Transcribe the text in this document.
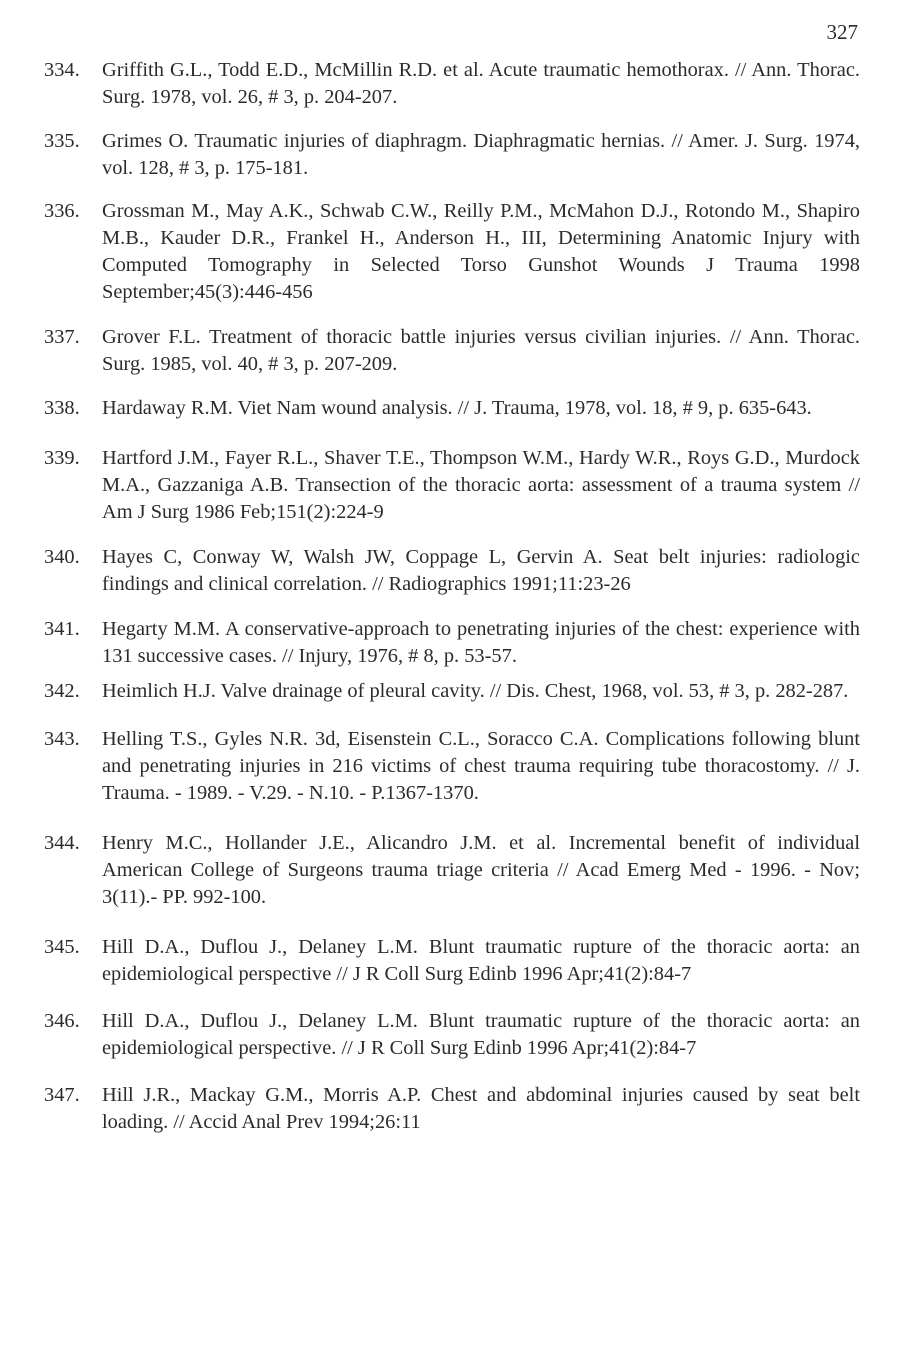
327
334.	Griffith G.L., Todd E.D., McMillin R.D. et al. Acute traumatic hemothorax. // Ann. Thorac. Surg. 1978, vol. 26, # 3, p. 204-207.
335.	Grimes O. Traumatic injuries of diaphragm. Diaphragmatic hernias. // Amer. J. Surg. 1974, vol. 128, # 3, p. 175-181.
336.	Grossman M., May A.K., Schwab C.W., Reilly P.M., McMahon D.J., Rotondo M., Shapiro M.B., Kauder D.R., Frankel H., Anderson H., III, Determining Anatomic Injury with Computed Tomography in Selected Torso Gunshot Wounds J Trauma 1998 September;45(3):446-456
337.	Grover F.L. Treatment of thoracic battle injuries versus civilian injuries. // Ann. Thorac. Surg. 1985, vol. 40, # 3, p. 207-209.
338.	Hardaway R.M. Viet Nam wound analysis. // J. Trauma, 1978, vol. 18, # 9, p. 635-643.
339.	Hartford J.M., Fayer R.L., Shaver T.E., Thompson W.M., Hardy W.R., Roys G.D., Murdock M.A., Gazzaniga A.B. Transection of the thoracic aorta: assessment of a trauma system // Am J Surg 1986 Feb;151(2):224-9
340.	Hayes C, Conway W, Walsh JW, Coppage L, Gervin A. Seat belt injuries: radiologic findings and clinical correlation. // Radiographics 1991;11:23-26
341.	Hegarty M.M. A conservative-approach to penetrating injuries of the chest: experience with 131 successive cases. // Injury, 1976, # 8, p. 53-57.
342.	Heimlich H.J. Valve drainage of pleural cavity. // Dis. Chest, 1968, vol. 53, # 3, p. 282-287.
343.	Helling T.S., Gyles N.R. 3d, Eisenstein C.L., Soracco C.A. Complications following blunt and penetrating injuries in 216 victims of chest trauma requiring tube thoracostomy. // J. Trauma. - 1989. - V.29. - N.10. - P.1367-1370.
344.	Henry M.C., Hollander J.E., Alicandro J.M. et al. Incremental benefit of individual American College of Surgeons trauma triage criteria // Acad Emerg Med - 1996. - Nov; 3(11).- PP. 992-100.
345.	Hill D.A., Duflou J., Delaney L.M. Blunt traumatic rupture of the thoracic aorta: an epidemiological perspective // J R Coll Surg Edinb 1996 Apr;41(2):84-7
346.	Hill D.A., Duflou J., Delaney L.M. Blunt traumatic rupture of the thoracic aorta: an epidemiological perspective. // J R Coll Surg Edinb 1996 Apr;41(2):84-7
347.	Hill J.R., Mackay G.M., Morris A.P. Chest and abdominal injuries caused by seat belt loading. // Accid Anal Prev 1994;26:11
